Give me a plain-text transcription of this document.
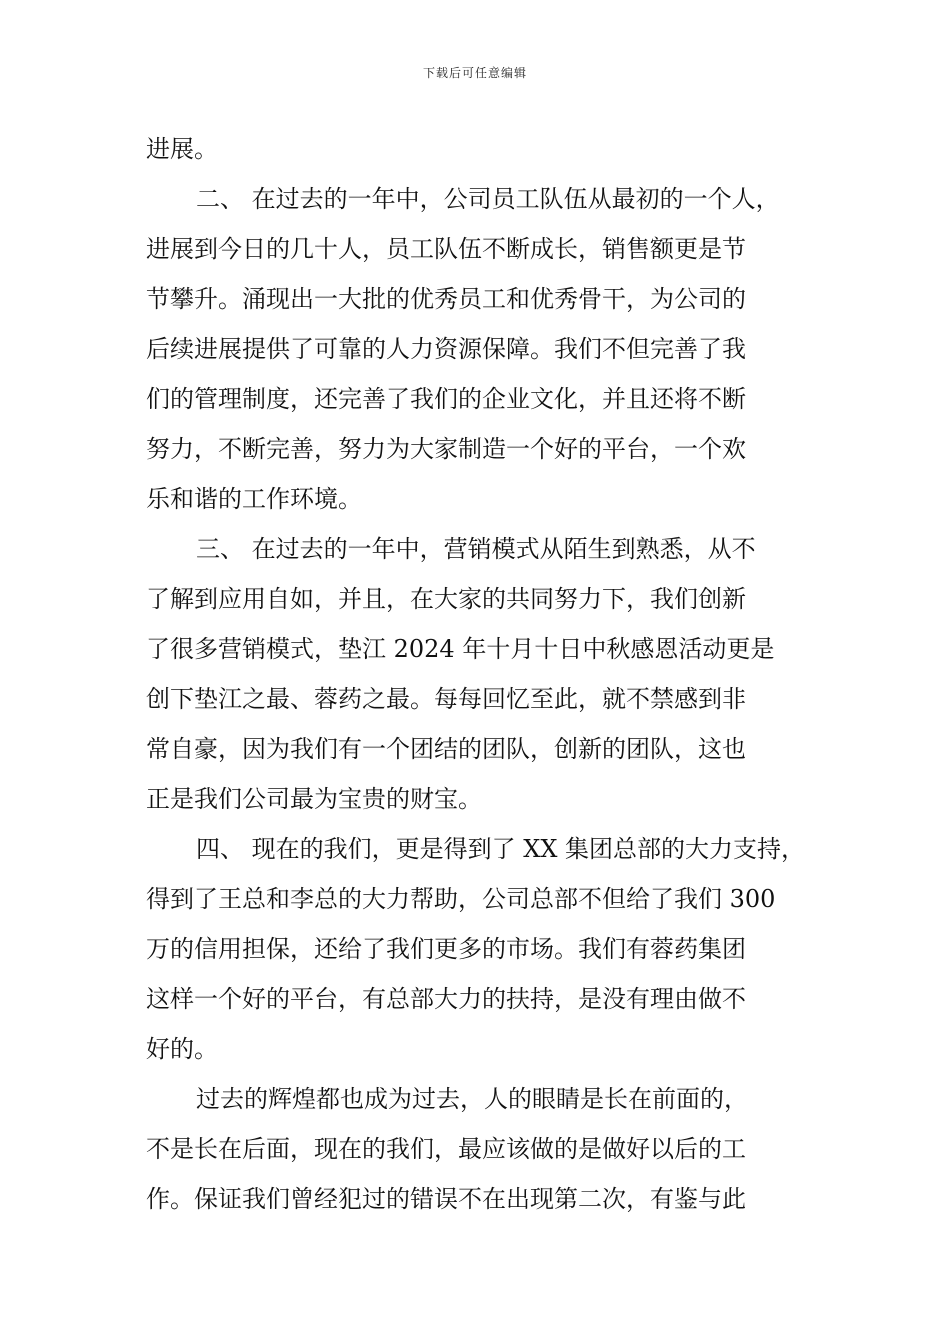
下载后可任意编辑
进展。
二、 在过去的一年中，公司员工队伍从最初的一个人，
进展到今日的几十人，员工队伍不断成长，销售额更是节
节攀升。涌现出一大批的优秀员工和优秀骨干，为公司的
后续进展提供了可靠的人力资源保障。我们不但完善了我
们的管理制度，还完善了我们的企业文化，并且还将不断
努力，不断完善，努力为大家制造一个好的平台，一个欢
乐和谐的工作环境。
三、 在过去的一年中，营销模式从陌生到熟悉，从不
了解到应用自如，并且，在大家的共同努力下，我们创新
了很多营销模式，垫江 2024 年十月十日中秋感恩活动更是
创下垫江之最、蓉药之最。每每回忆至此，就不禁感到非
常自豪，因为我们有一个团结的团队，创新的团队，这也
正是我们公司最为宝贵的财宝。
四、 现在的我们，更是得到了 XX 集团总部的大力支持，
得到了王总和李总的大力帮助，公司总部不但给了我们 300
万的信用担保，还给了我们更多的市场。我们有蓉药集团
这样一个好的平台，有总部大力的扶持，是没有理由做不
好的。
过去的辉煌都也成为过去，人的眼睛是长在前面的，
不是长在后面，现在的我们，最应该做的是做好以后的工
作。保证我们曾经犯过的错误不在出现第二次，有鉴与此
